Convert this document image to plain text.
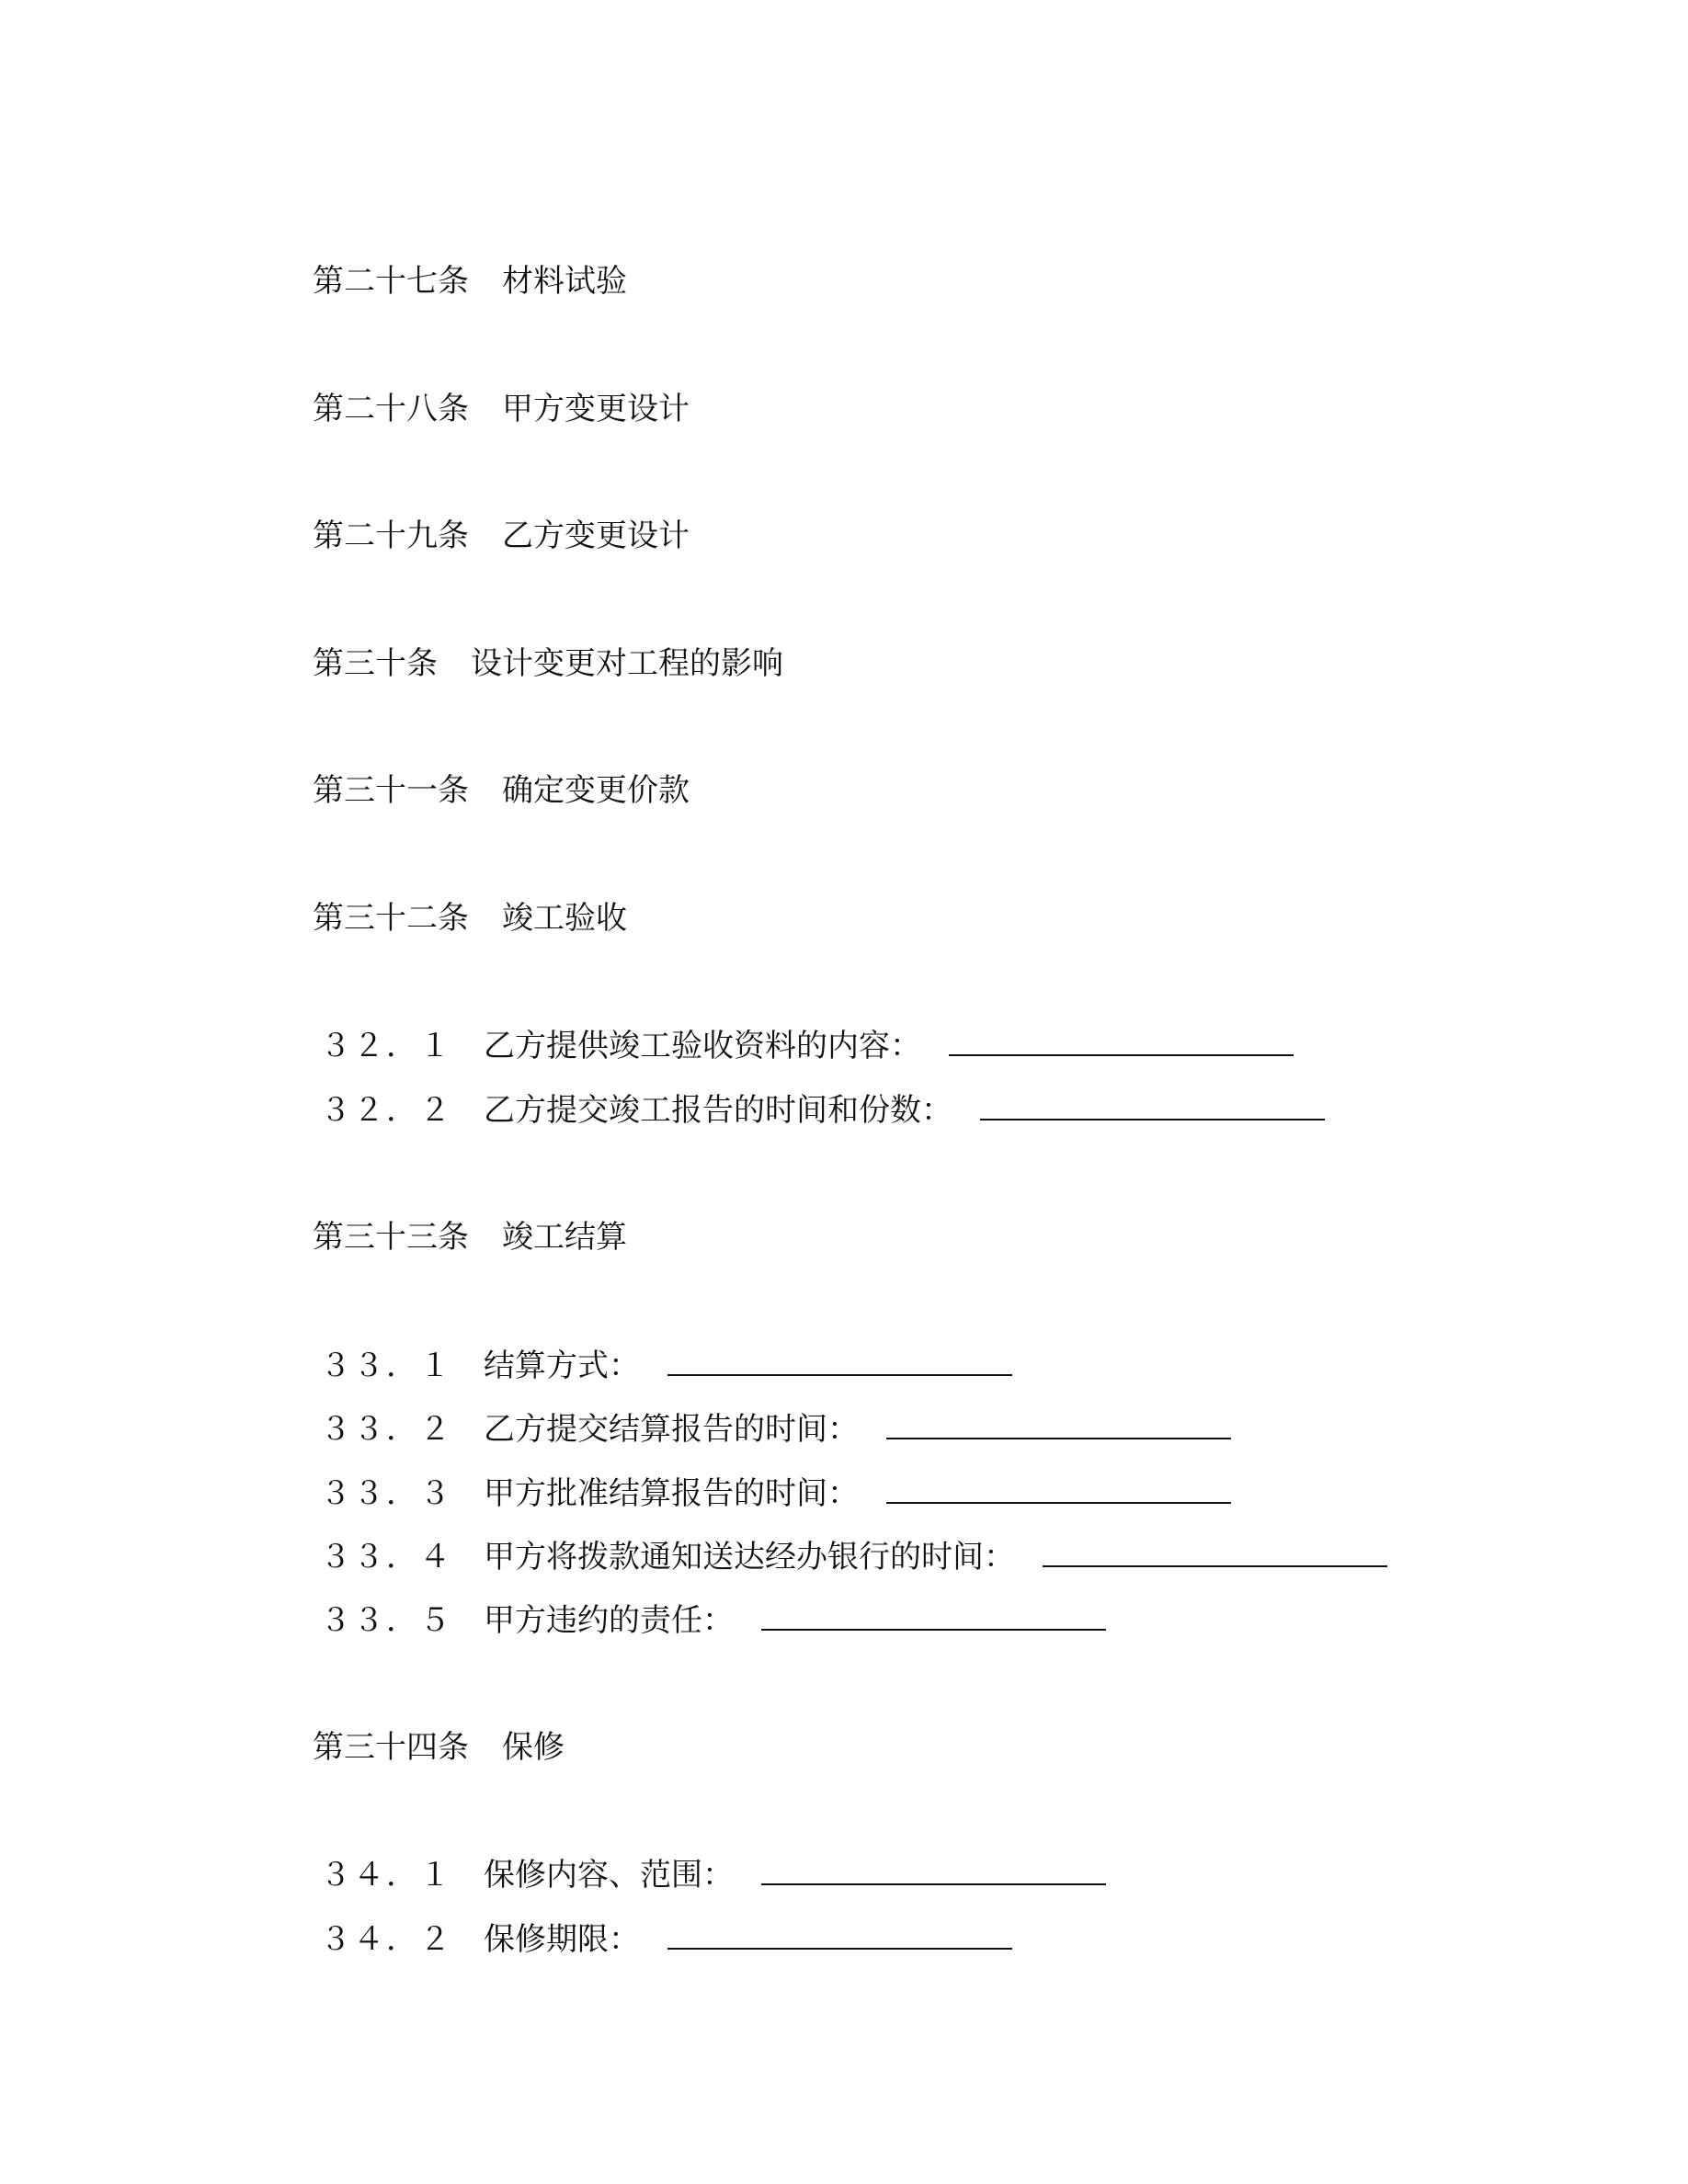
第二十七条 材料试验
第二十八条 甲方变更设计
第二十九条 乙方变更设计
第三十条 设计变更对工程的影响
第三十一条 确定变更价款
第三十二条 竣工验收
３２．１ 乙方提供竣工验收资料的内容：
３２．２ 乙方提交竣工报告的时间和份数：
第三十三条 竣工结算
３３．１ 结算方式：
３３．２ 乙方提交结算报告的时间：
３３．３ 甲方批准结算报告的时间：
３３．４ 甲方将拨款通知送达经办银行的时间：
３３．５ 甲方违约的责任：
第三十四条 保修
３４．１ 保修内容、范围：
３４．２ 保修期限：
